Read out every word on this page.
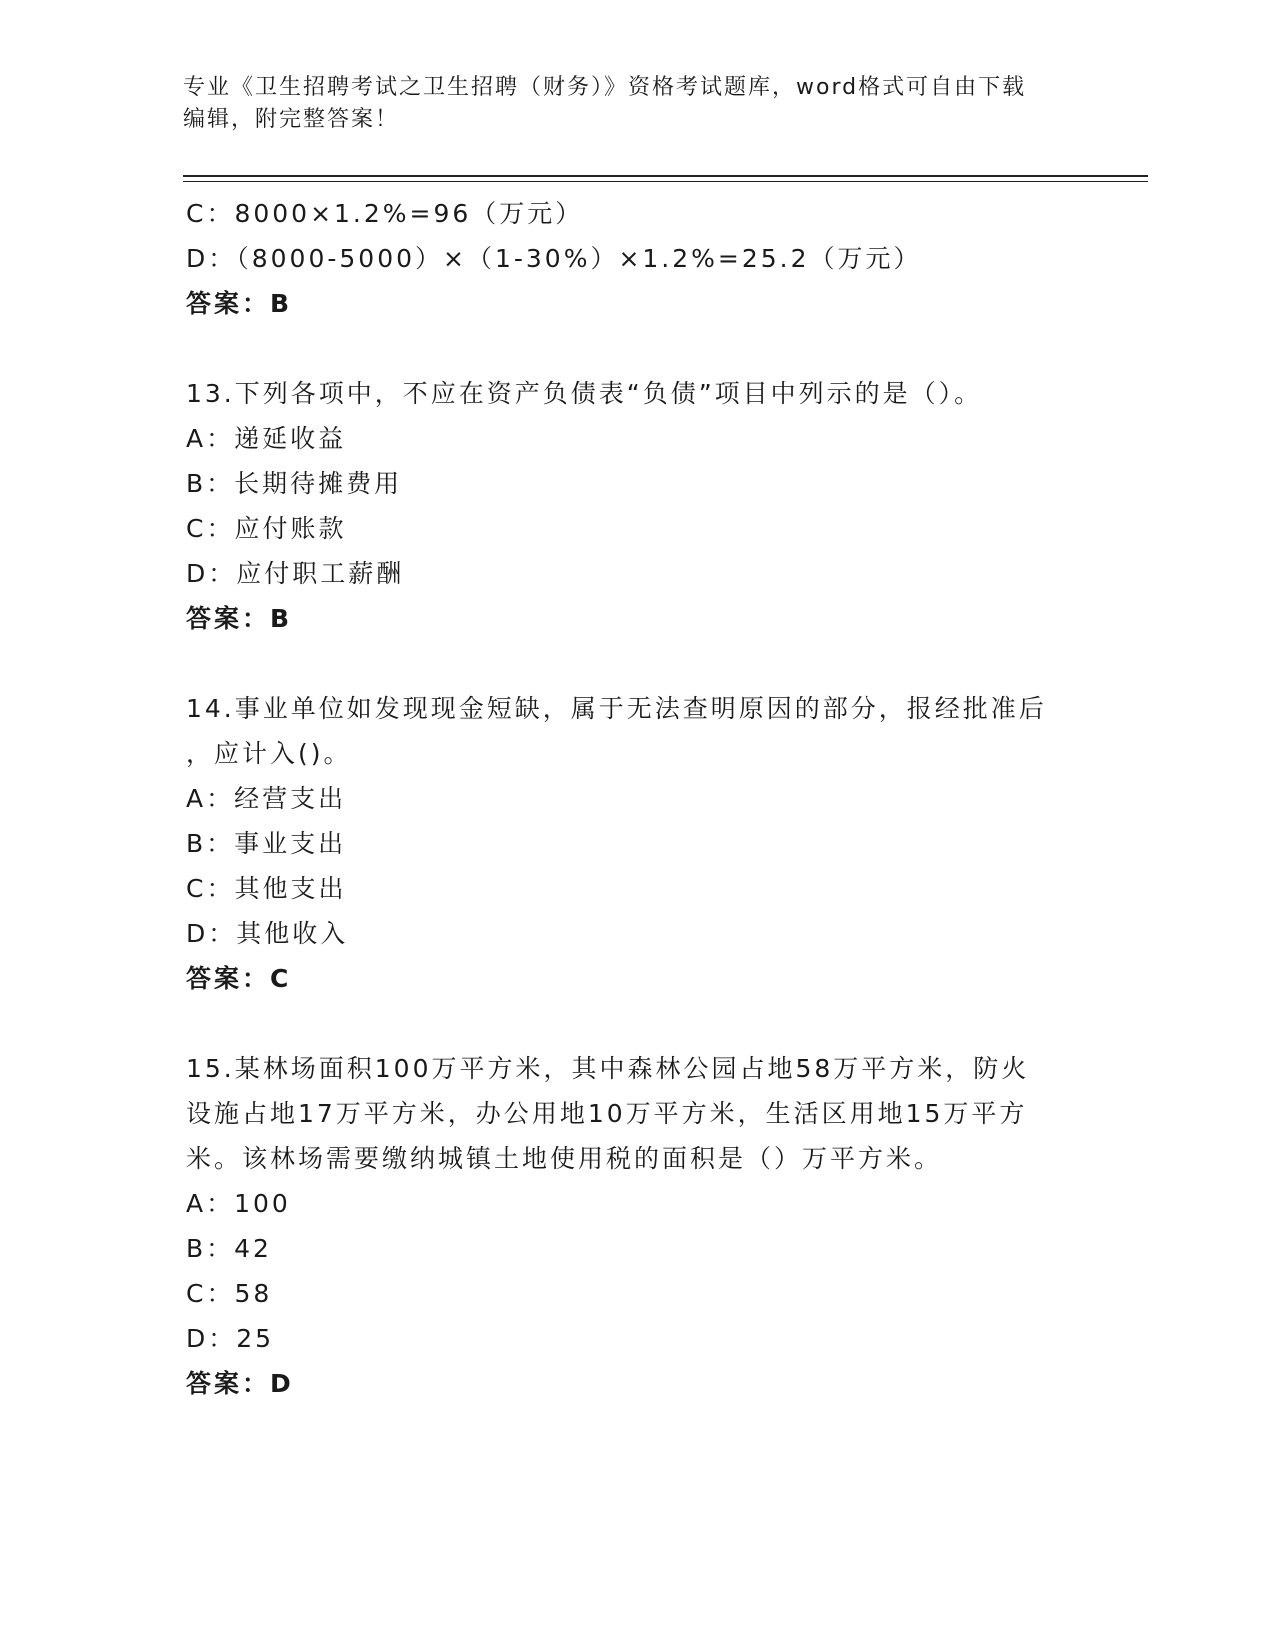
专业《卫生招聘考试之卫生招聘（财务）》资格考试题库，word格式可自由下载
编辑，附完整答案！
C：8000×1.2%=96（万元）
D：（8000-5000）×（1-30%）×1.2%=25.2（万元）
答案：B
13.下列各项中，不应在资产负债表“负债”项目中列示的是（）。
A：递延收益
B：长期待摊费用
C：应付账款
D：应付职工薪酬
答案：B
14.事业单位如发现现金短缺，属于无法查明原因的部分，报经批准后
，应计入()。
A：经营支出
B：事业支出
C：其他支出
D：其他收入
答案：C
15.某林场面积100万平方米，其中森林公园占地58万平方米，防火
设施占地17万平方米，办公用地10万平方米，生活区用地15万平方
米。该林场需要缴纳城镇土地使用税的面积是（）万平方米。
A：100
B：42
C：58
D：25
答案：D
